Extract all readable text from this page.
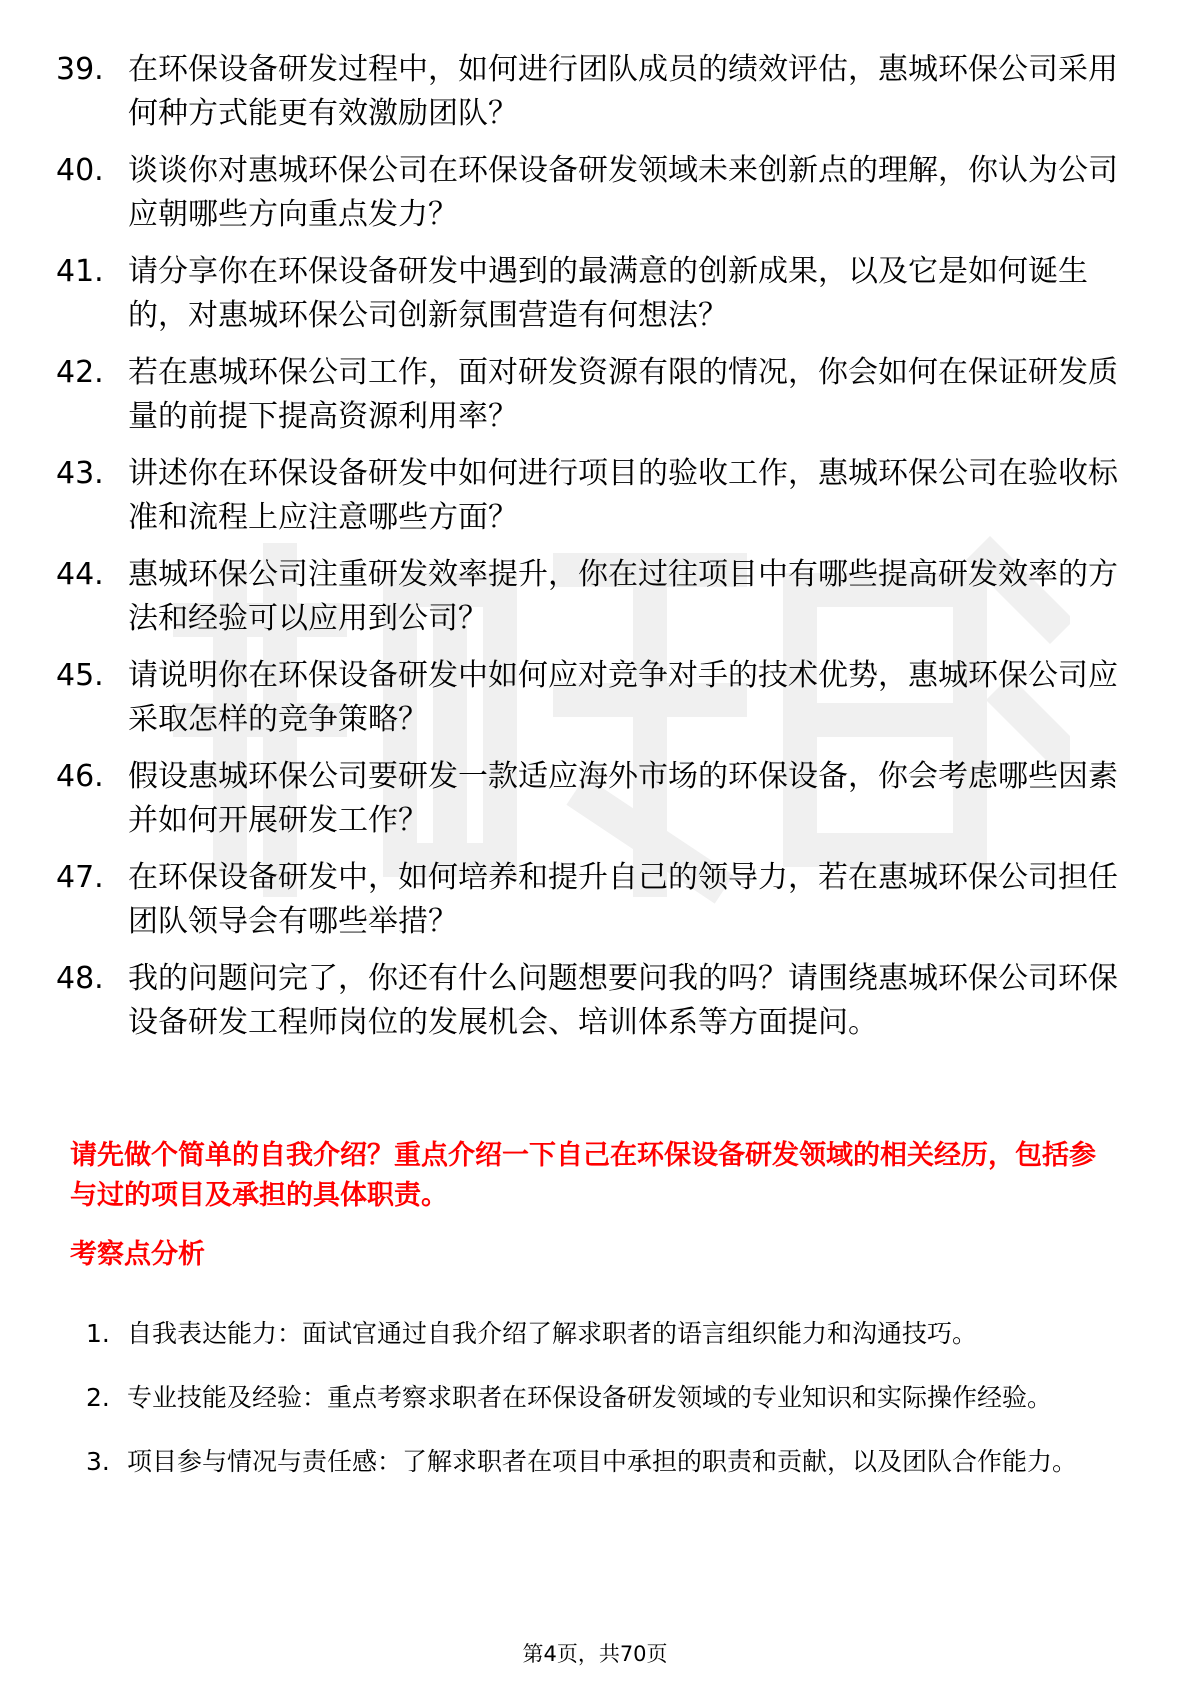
39. 在环保设备研发过程中，如何进行团队成员的绩效评估，惠城环保公司采用何种方式能更有效激励团队？
40. 谈谈你对惠城环保公司在环保设备研发领域未来创新点的理解，你认为公司应朝哪些方向重点发力？
41. 请分享你在环保设备研发中遇到的最满意的创新成果，以及它是如何诞生的，对惠城环保公司创新氛围营造有何想法？
42. 若在惠城环保公司工作，面对研发资源有限的情况，你会如何在保证研发质量的前提下提高资源利用率？
43. 讲述你在环保设备研发中如何进行项目的验收工作，惠城环保公司在验收标准和流程上应注意哪些方面？
44. 惠城环保公司注重研发效率提升，你在过往项目中有哪些提高研发效率的方法和经验可以应用到公司？
45. 请说明你在环保设备研发中如何应对竞争对手的技术优势，惠城环保公司应采取怎样的竞争策略？
46. 假设惠城环保公司要研发一款适应海外市场的环保设备，你会考虑哪些因素并如何开展研发工作？
47. 在环保设备研发中，如何培养和提升自己的领导力，若在惠城环保公司担任团队领导会有哪些举措？
48. 我的问题问完了，你还有什么问题想要问我的吗？请围绕惠城环保公司环保设备研发工程师岗位的发展机会、培训体系等方面提问。
请先做个简单的自我介绍？重点介绍一下自己在环保设备研发领域的相关经历，包括参与过的项目及承担的具体职责。
考察点分析
1. 自我表达能力：面试官通过自我介绍了解求职者的语言组织能力和沟通技巧。
2. 专业技能及经验：重点考察求职者在环保设备研发领域的专业知识和实际操作经验。
3. 项目参与情况与责任感：了解求职者在项目中承担的职责和贡献，以及团队合作能力。
第4页，共70页
